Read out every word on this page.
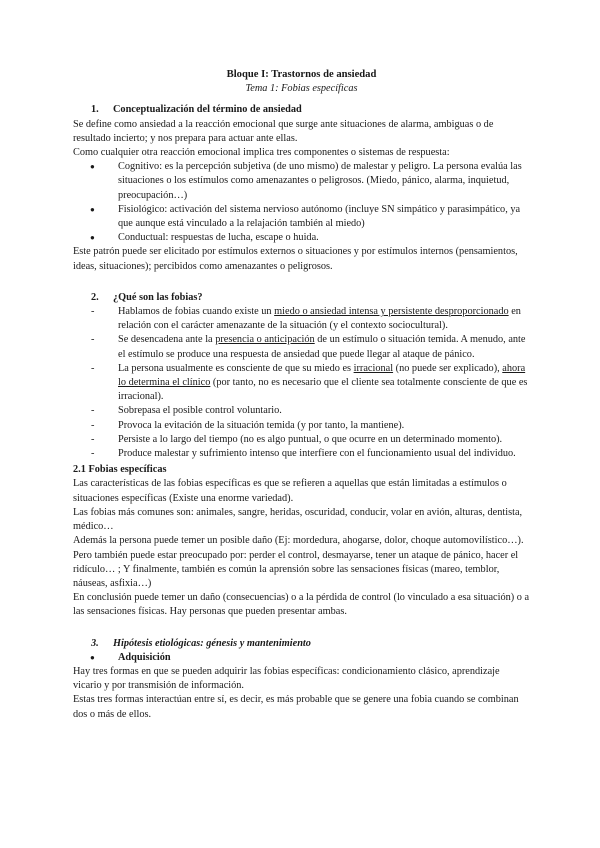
Bloque I: Trastornos de ansiedad
Tema 1: Fobias específicas
1.	Conceptualización del término de ansiedad

Se define como ansiedad a la reacción emocional que surge ante situaciones de alarma, ambiguas o de resultado incierto; y nos prepara para actuar ante ellas.

Como cualquier otra reacción emocional implica tres componentes o sistemas de respuesta:

● Cognitivo: es la percepción subjetiva (de uno mismo) de malestar y peligro. La persona evalúa las situaciones o los estímulos como amenazantes o peligrosos. (Miedo, pánico, alarma, inquietud, preocupación…)
● Fisiológico: activación del sistema nervioso autónomo (incluye SN simpático y parasimpático, ya que aunque está vinculado a la relajación también al miedo)
● Conductual: respuestas de lucha, escape o huida.

Este patrón puede ser elicitado por estímulos externos o situaciones y por estímulos internos (pensamientos, ideas, situaciones); percibidos como amenazantes o peligrosos.

2.	¿Qué son las fobias?
- Hablamos de fobias cuando existe un miedo o ansiedad intensa y persistente desproporcionado en relación con el carácter amenazante de la situación (y el contexto sociocultural).
- Se desencadena ante la presencia o anticipación de un estímulo o situación temida. A menudo, ante el estímulo se produce una respuesta de ansiedad que puede llegar al ataque de pánico.
- La persona usualmente es consciente de que su miedo es irracional (no puede ser explicado), ahora lo determina el clínico (por tanto, no es necesario que el cliente sea totalmente consciente de que es irracional).
- Sobrepasa el posible control voluntario.
- Provoca la evitación de la situación temida (y por tanto, la mantiene).
- Persiste a lo largo del tiempo (no es algo puntual, o que ocurre en un determinado momento).
- Produce malestar y sufrimiento intenso que interfiere con el funcionamiento usual del individuo.
2.1 Fobias específicas

Las características de las fobias específicas es que se refieren a aquellas que están limitadas a estímulos o situaciones específicas (Existe una enorme variedad).

Las fobias más comunes son: animales, sangre, heridas, oscuridad, conducir, volar en avión, alturas, dentista, médico…

Además la persona puede temer un posible daño (Ej: mordedura, ahogarse, dolor, choque automovilístico…). Pero también puede estar preocupado por: perder el control, desmayarse, tener un ataque de pánico, hacer el ridículo… ; Y finalmente, también es común la aprensión sobre las sensaciones físicas (mareo, temblor, náuseas, asfixia…)

En conclusión puede temer un daño (consecuencias) o a la pérdida de control (lo vinculado a esa situación) o a las sensaciones físicas. Hay personas que pueden presentar ambas.

3.	Hipótesis etiológicas: génesis y mantenimiento
● Adquisición

Hay tres formas en que se pueden adquirir las fobias específicas: condicionamiento clásico, aprendizaje vicario y por transmisión de información.

Estas tres formas interactúan entre sí, es decir, es más probable que se genere una fobia cuando se combinan dos o más de ellos.
